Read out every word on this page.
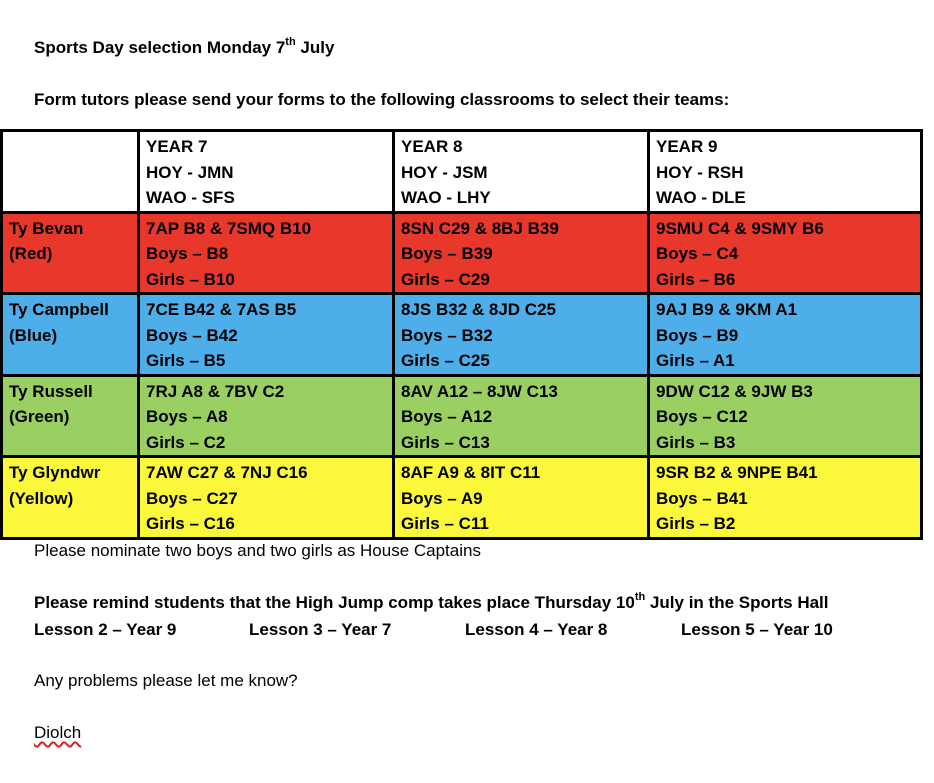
Sports Day selection Monday 7th July
Form tutors please send your forms to the following classrooms to select their teams:

	YEAR 7
HOY - JMN
WAO - SFS	YEAR 8
HOY - JSM
WAO - LHY	YEAR 9
HOY - RSH
WAO - DLE

Ty Bevan
(Red)	7AP B8 & 7SMQ B10
Boys – B8
Girls – B10	8SN C29 & 8BJ B39
Boys – B39
Girls – C29	9SMU C4 & 9SMY B6
Boys – C4
Girls – B6

Ty Campbell
(Blue)	7CE B42 & 7AS B5
Boys – B42
Girls – B5	8JS B32 & 8JD C25
Boys – B32
Girls – C25	9AJ B9 & 9KM A1
Boys – B9
Girls – A1

Ty Russell
(Green)	7RJ A8 & 7BV C2
Boys – A8
Girls – C2	8AV A12 – 8JW C13
Boys – A12
Girls – C13	9DW C12 & 9JW B3
Boys – C12
Girls – B3

Ty Glyndwr
(Yellow)	7AW C27 & 7NJ C16
Boys – C27
Girls – C16	8AF A9 & 8IT C11
Boys – A9
Girls – C11	9SR B2 & 9NPE B41
Boys – B41
Girls – B2
Please nominate two boys and two girls as House Captains
Please remind students that the High Jump comp takes place Thursday 10th July in the Sports Hall
Lesson 2 – Year 9	Lesson 3 – Year 7	Lesson 4 – Year 8	Lesson 5 – Year 10
Any problems please let me know?
Diolch
